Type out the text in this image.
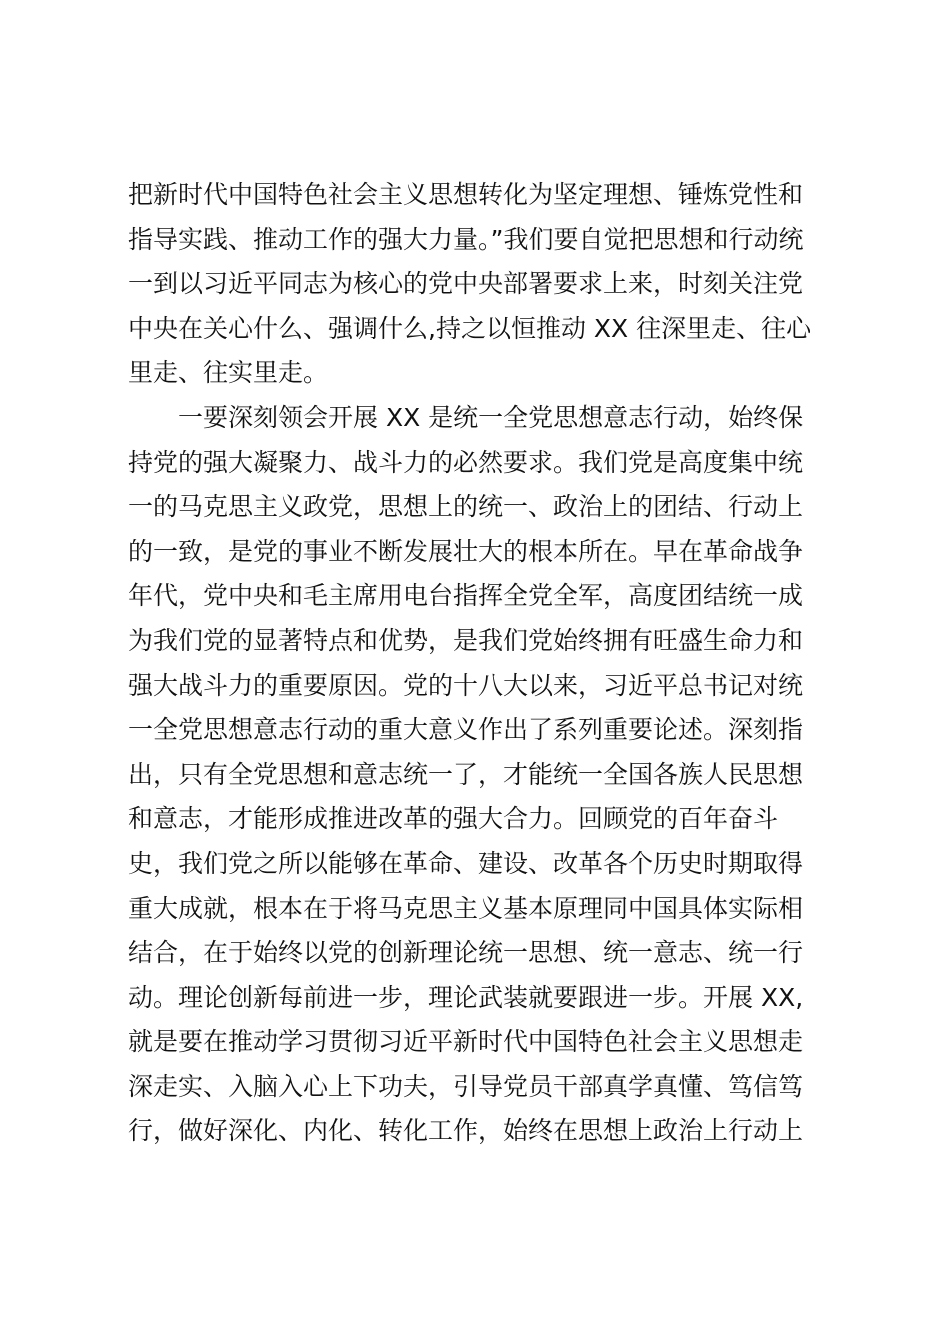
把新时代中国特色社会主义思想转化为坚定理想、锤炼党性和
指导实践、推动工作的强大力量。”我们要自觉把思想和行动统
一到以习近平同志为核心的党中央部署要求上来，时刻关注党
中央在关心什么、强调什么,持之以恒推动 XX 往深里走、往心
里走、往实里走。
一要深刻领会开展 XX 是统一全党思想意志行动，始终保
持党的强大凝聚力、战斗力的必然要求。我们党是高度集中统
一的马克思主义政党，思想上的统一、政治上的团结、行动上
的一致，是党的事业不断发展壮大的根本所在。早在革命战争
年代，党中央和毛主席用电台指挥全党全军，高度团结统一成
为我们党的显著特点和优势，是我们党始终拥有旺盛生命力和
强大战斗力的重要原因。党的十八大以来，习近平总书记对统
一全党思想意志行动的重大意义作出了系列重要论述。深刻指
出，只有全党思想和意志统一了，才能统一全国各族人民思想
和意志，才能形成推进改革的强大合力。回顾党的百年奋斗
史，我们党之所以能够在革命、建设、改革各个历史时期取得
重大成就，根本在于将马克思主义基本原理同中国具体实际相
结合，在于始终以党的创新理论统一思想、统一意志、统一行
动。理论创新每前进一步，理论武装就要跟进一步。开展 XX,
就是要在推动学习贯彻习近平新时代中国特色社会主义思想走
深走实、入脑入心上下功夫，引导党员干部真学真懂、笃信笃
行，做好深化、内化、转化工作，始终在思想上政治上行动上
